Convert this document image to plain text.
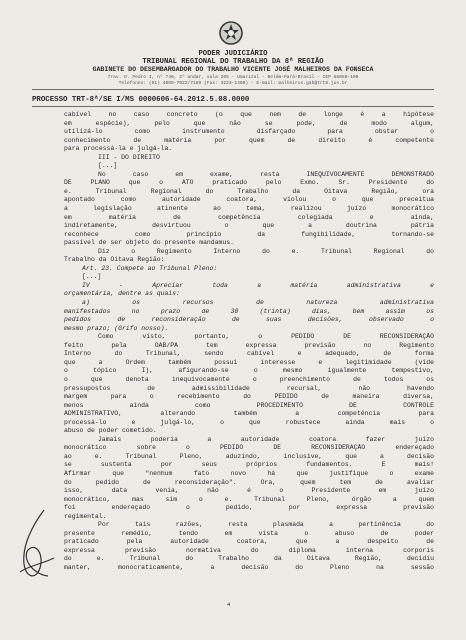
PODER JUDICIÁRIO
TRIBUNAL REGIONAL DO TRABALHO DA 8ª REGIÃO
GABINETE DO DESEMBARGADOR DO TRABALHO VICENTE JOSÉ MALHEIROS DA FONSECA
Trav. D. Pedro I, nº 746, 2º andar, sala 205 - Umarizal - Belém-Pará-Brasil - CEP 66050-100
Telefones: (91) 4008-7022/7189 (Fax: 3223-1400) - E-mail: malheiros.gab@trt8.jus.br
PROCESSO TRT-8ª/SE I/MS 0000606-64.2012.5.08.0000
cabível no caso concreto (o que nem de longe é a hipótese
em espécie), pelo que não se pode, de modo algum,
utilizá-lo como instrumento disfarçado para obstar o
conhecimento de matéria por quem de direito é competente
para processá-la e julgá-la.
III - DO DIREITO
[...]
No caso em exame, resta INEQUIVOCAMENTE DEMONSTRADO
DE PLANO que o ATO praticado pelo Exmo. Sr. Presidente do
e. Tribunal Regional do Trabalho da Oitava Região, ora
apontado como autoridade coatora, violou o que preceitua
a legislação atinente ao tema, realizou juízo monocrático
em matéria de competência colegiada e ainda,
indiretamente, desvirtuou o que a doutrina pátria
reconhece como princípio da fungibilidade, tornando-se
passível de ser objeto do presente mandamus.
Diz o Regimento Interno do e. Tribunal Regional do
Trabalho da Oitava Região:
Art. 23. Compete ao Tribunal Pleno:
[...]
IV - Apreciar toda a matéria administrativa e
orçamentária, dentre as quais:
a) os recursos de natureza administrativa
manifestados no prazo de 30 (trinta) dias, bem assim os
pedidos de reconsideração de suas decisões, observado o
mesmo prazo; (Grifo nosso).
Como visto, portanto, o PEDIDO DE RECONSIDERAÇÃO
feito pela OAB/PA tem expressa previsão no Regimento
Interno do Tribunal, sendo cabível e adequado, de forma
que a Ordem também possui interesse e legitimidade (vide
o tópico I), afigurando-se o mesmo igualmente tempestivo,
o que denota inequivocamente o preenchimento de todos os
pressupostos de admissibilidade recursal, não havendo
margem para o recebimento do PEDIDO de maneira diversa,
menos ainda como PROCEDIMENTO DE CONTROLE
ADMINISTRATIVO, alterando também a competência para
processá-lo e julgá-lo, o que robustece ainda mais o
abuso de poder cometido.
Jamais poderia a autoridade coatora fazer juízo
monocrático sobre o PEDIDO DE RECONSIDERAÇÃO endereçado
ao e. Tribunal Pleno, aduzindo, inclusive, que a decisão
se sustenta por seus próprios fundamentos. E mais!
Afirmar que "nenhum fato novo há que justifique o exame
do pedido de reconsideração". Ora, quem tem de avaliar
isso, data venia, não é o Presidente em juízo
monocrático, mas sim o e. Tribunal Pleno, órgão a quem
foi endereçado o pedido, por expressa previsão
regimental.
Por tais razões, resta plasmada a pertinência do
presente remédio, tendo em vista o abuso de poder
praticado pela autoridade coatora, que a despeito de
expressa previsão normativa do diploma interna corporis
do e. Tribunal do Trabalho da Oitava Região, decidiu
manter, monocraticamente, a decisão do Pleno na sessão
4
